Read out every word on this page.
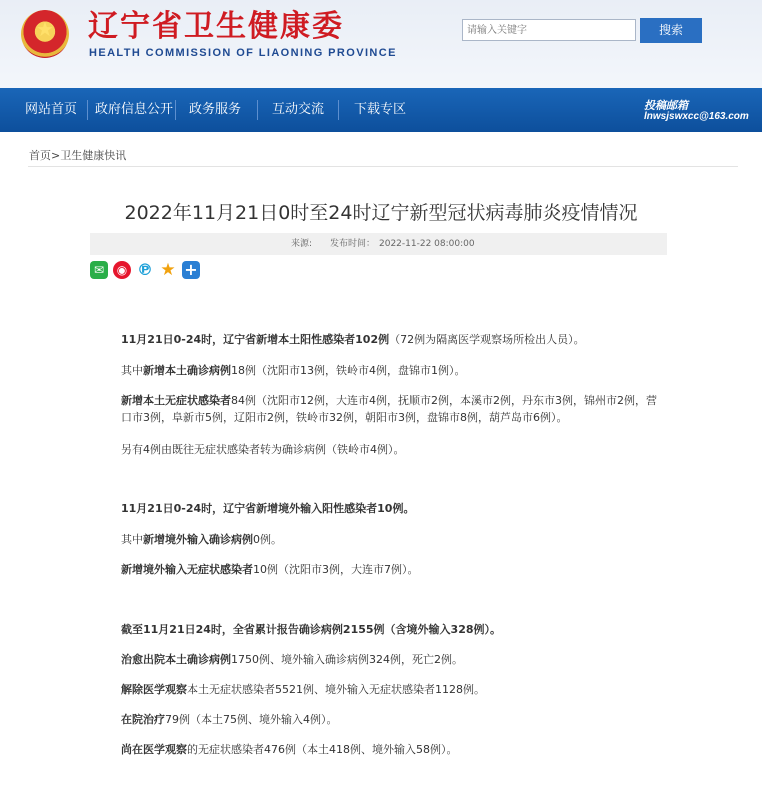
★	辽宁省卫生健康委
HEALTH COMMISSION OF LIAONING PROVINCE
请输入关键字
搜索
网站首页 政府信息公开 政务服务 互动交流 下载专区	投稿邮箱
lnwsjswxcc@163.com
首页>卫生健康快讯
2022年11月21日0时至24时辽宁新型冠状病毒肺炎疫情情况
来源: 发布时间： 2022-11-22 08:00:00
✉	◉ ℗ ★ +

11月21日0-24时，辽宁省新增本土阳性感染者102例（72例为隔离医学观察场所检出人员）。

其中新增本土确诊病例18例（沈阳市13例，铁岭市4例，盘锦市1例）。

新增本土无症状感染者84例（沈阳市12例，大连市4例，抚顺市2例，本溪市2例，丹东市3例，锦州市2例，营口市3例，阜新市5例，辽阳市2例，铁岭市32例，朝阳市3例，盘锦市8例，葫芦岛市6例）。

另有4例由既往无症状感染者转为确诊病例（铁岭市4例）。

11月21日0-24时，辽宁省新增境外输入阳性感染者10例。

其中新增境外输入确诊病例0例。

新增境外输入无症状感染者10例（沈阳市3例，大连市7例）。

截至11月21日24时，全省累计报告确诊病例2155例（含境外输入328例）。

治愈出院本土确诊病例1750例、境外输入确诊病例324例，死亡2例。

解除医学观察本土无症状感染者5521例、境外输入无症状感染者1128例。

在院治疗79例（本土75例、境外输入4例）。

尚在医学观察的无症状感染者476例（本土418例、境外输入58例）。
